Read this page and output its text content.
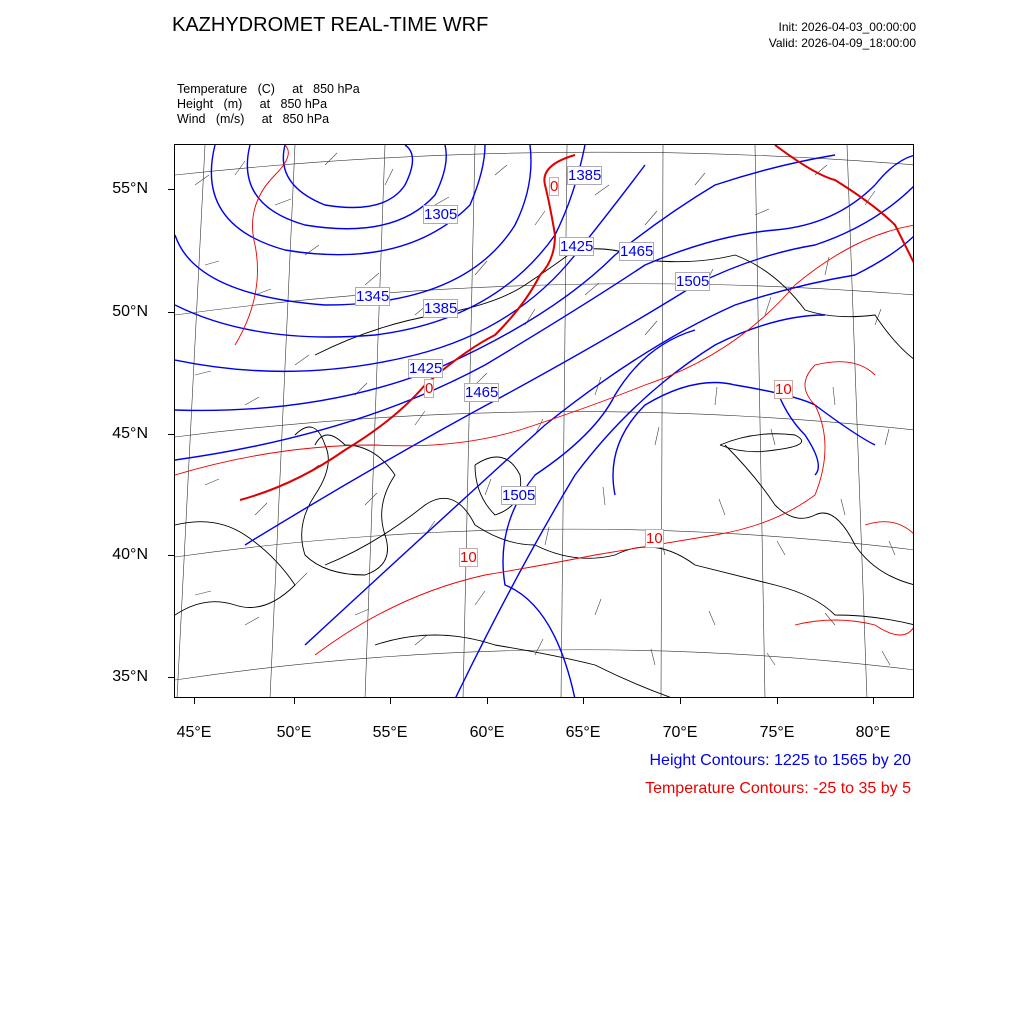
KAZHYDROMET REAL-TIME WRF	Init: 2026-04-03_00:00:00
Valid: 2026-04-09_18:00:00
Temperature   (C)     at   850 hPa
Height   (m)     at   850 hPa
Wind   (m/s)     at   850 hPa
1385
1305
1425 1465
1505
1345
1385
1425
1465
1505
0
0	10
10
10
55°N
50°N
45°N
40°N
35°N
45°E	50°E	55°E	60°E	65°E	70°E	75°E	80°E
Height Contours: 1225 to 1565 by 20
Temperature Contours: -25 to 35 by 5
